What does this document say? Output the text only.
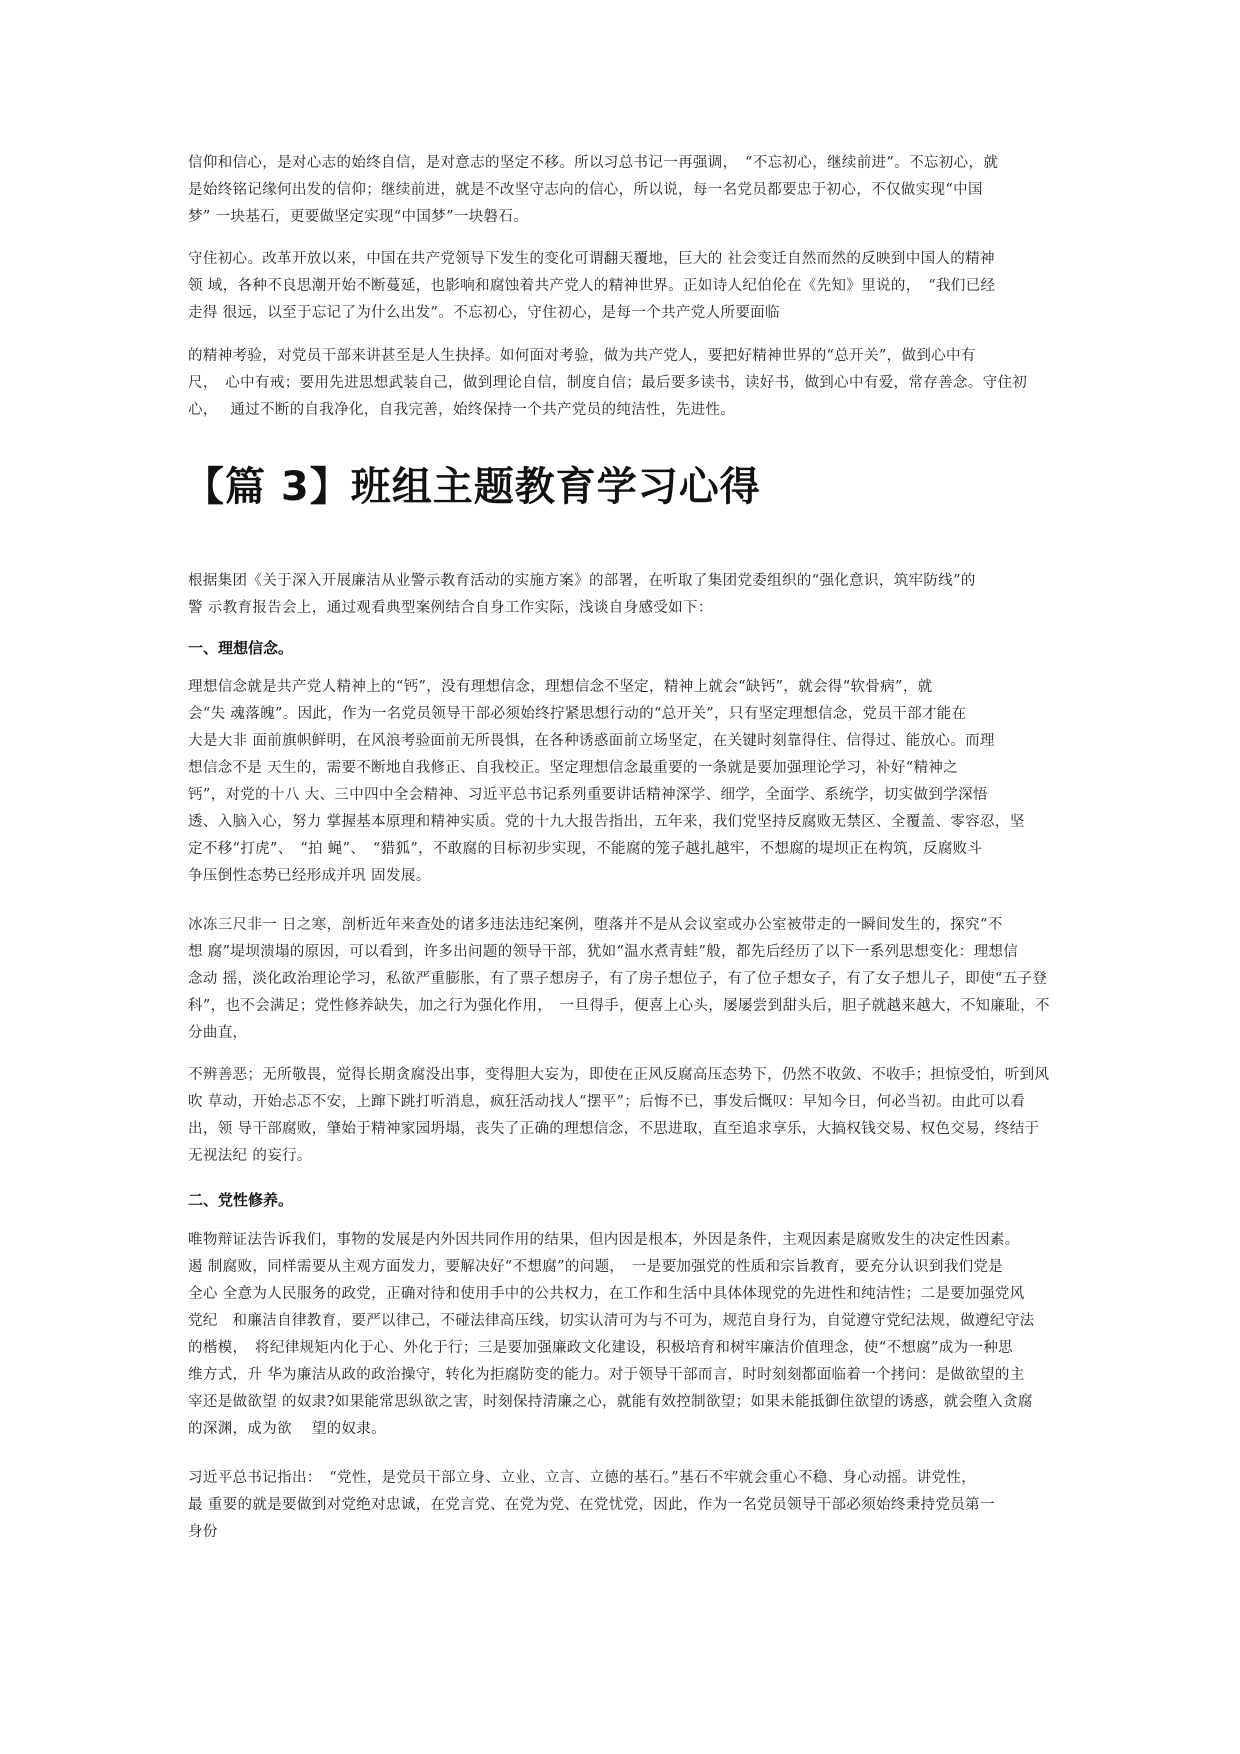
信仰和信心，是对心志的始终自信，是对意志的坚定不移。所以习总书记一再强调，　“不忘初心，继续前进”。不忘初心，就
是始终铭记缘何出发的信仰；继续前进，就是不改坚守志向的信心，所以说，每一名党员都要忠于初心，不仅做实现“中国
梦” 一块基石，更要做坚定实现“中国梦”一块磐石。
守住初心。改革开放以来，中国在共产党领导下发生的变化可谓翻天覆地，巨大的 社会变迁自然而然的反映到中国人的精神
领 域，各种不良思潮开始不断蔓延，也影响和腐蚀着共产党人的精神世界。正如诗人纪伯伦在《先知》里说的，　“我们已经
走得 很远，以至于忘记了为什么出发”。不忘初心，守住初心，是每一个共产党人所要面临
的精神考验，对党员干部来讲甚至是人生抉择。如何面对考验，做为共产党人，要把好精神世界的“总开关”，做到心中有
尺，　心中有戒；要用先进思想武装自己，做到理论自信，制度自信；最后要多读书，读好书，做到心中有爱，常存善念。守住初
心，　 通过不断的自我净化，自我完善，始终保持一个共产党员的纯洁性，先进性。
【篇 3】班组主题教育学习心得
根据集团《关于深入开展廉洁从业警示教育活动的实施方案》的部署，在听取了集团党委组织的“强化意识，筑牢防线”的
警 示教育报告会上，通过观看典型案例结合自身工作实际，浅谈自身感受如下：
一、理想信念。
理想信念就是共产党人精神上的“钙”，没有理想信念，理想信念不坚定，精神上就会“缺钙”，就会得“软骨病”，就
会“失 魂落魄”。因此，作为一名党员领导干部必须始终拧紧思想行动的“总开关”，只有坚定理想信念，党员干部才能在
大是大非 面前旗帜鲜明，在风浪考验面前无所畏惧，在各种诱惑面前立场坚定，在关键时刻靠得住、信得过、能放心。而理
想信念不是 天生的，需要不断地自我修正、自我校正。坚定理想信念最重要的一条就是要加强理论学习，补好“精神之
钙”，对党的十八 大、三中四中全会精神、习近平总书记系列重要讲话精神深学、细学，全面学、系统学，切实做到学深悟
透、入脑入心，努力 掌握基本原理和精神实质。党的十九大报告指出，五年来，我们党坚持反腐败无禁区、全覆盖、零容忍，坚
定不移“打虎”、　“拍 蝇”、　“猎狐”，不敢腐的目标初步实现，不能腐的笼子越扎越牢，不想腐的堤坝正在构筑，反腐败斗
争压倒性态势已经形成并巩 固发展。
冰冻三尺非一 日之寒，剖析近年来查处的诸多违法违纪案例，堕落并不是从会议室或办公室被带走的一瞬间发生的，探究“不
想 腐”堤坝溃塌的原因，可以看到，许多出问题的领导干部，犹如“温水煮青蛙”般，都先后经历了以下一系列思想变化：理想信
念动 摇，淡化政治理论学习，私欲严重膨胀，有了票子想房子，有了房子想位子，有了位子想女子，有了女子想儿子，即使“五子登
科”，也不会满足；党性修养缺失，加之行为强化作用，　一旦得手，便喜上心头，屡屡尝到甜头后，胆子就越来越大，不知廉耻，不
分曲直，
不辨善恶；无所敬畏，觉得长期贪腐没出事，变得胆大妄为，即使在正风反腐高压态势下，仍然不收敛、不收手；担惊受怕，听到风
吹 草动，开始忐忑不安，上蹿下跳打听消息，疯狂活动找人“摆平”；后悔不已，事发后慨叹：早知今日，何必当初。由此可以看
出，领 导干部腐败，肇始于精神家园坍塌，丧失了正确的理想信念，不思进取，直至追求享乐，大搞权钱交易、权色交易，终结于
无视法纪 的妄行。
二、党性修养。
唯物辩证法告诉我们，事物的发展是内外因共同作用的结果，但内因是根本，外因是条件，主观因素是腐败发生的决定性因素。
遏 制腐败，同样需要从主观方面发力，要解决好“不想腐”的问题，　一是要加强党的性质和宗旨教育，要充分认识到我们党是
全心 全意为人民服务的政党，正确对待和使用手中的公共权力，在工作和生活中具体体现党的先进性和纯洁性；二是要加强党风
党纪　和廉洁自律教育，要严以律己，不碰法律高压线，切实认清可为与不可为，规范自身行为，自觉遵守党纪法规，做遵纪守法
的楷模，　将纪律规矩内化于心、外化于行；三是要加强廉政文化建设，积极培育和树牢廉洁价值理念，使“不想腐”成为一种思
维方式，升 华为廉洁从政的政治操守，转化为拒腐防变的能力。对于领导干部而言，时时刻刻都面临着一个拷问：是做欲望的主
宰还是做欲望 的奴隶?如果能常思纵欲之害，时刻保持清廉之心，就能有效控制欲望；如果未能抵御住欲望的诱惑，就会堕入贪腐
的深渊，成为欲　 望的奴隶。
习近平总书记指出：　“党性，是党员干部立身、立业、立言、立德的基石。”基石不牢就会重心不稳、身心动摇。讲党性，
最 重要的就是要做到对党绝对忠诚，在党言党、在党为党、在党忧党，因此，作为一名党员领导干部必须始终秉持党员第一
身份
